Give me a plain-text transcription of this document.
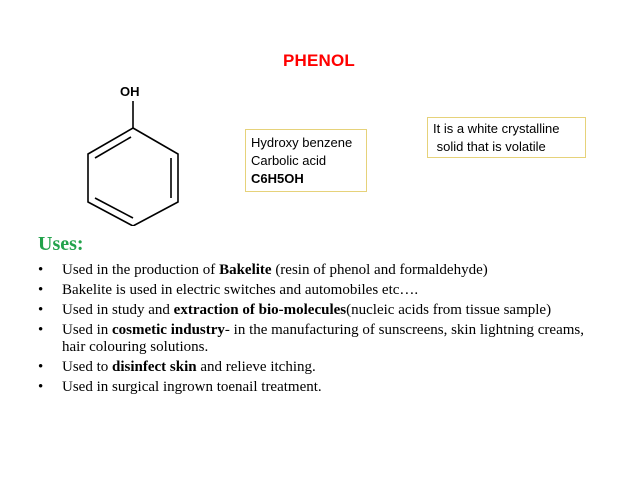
PHENOL
OH
Hydroxy benzene
Carbolic acid
C6H5OH
It is a white crystalline
solid that is volatile
Uses:
• Used in the production of Bakelite (resin of phenol and formaldehyde)
• Bakelite is used in electric switches and automobiles etc….
• Used in study and extraction of bio-molecules(nucleic acids from tissue sample)
• Used in cosmetic industry- in the manufacturing of sunscreens, skin lightning creams, hair colouring solutions.
• Used to disinfect skin and relieve itching.
• Used in surgical ingrown toenail treatment.
